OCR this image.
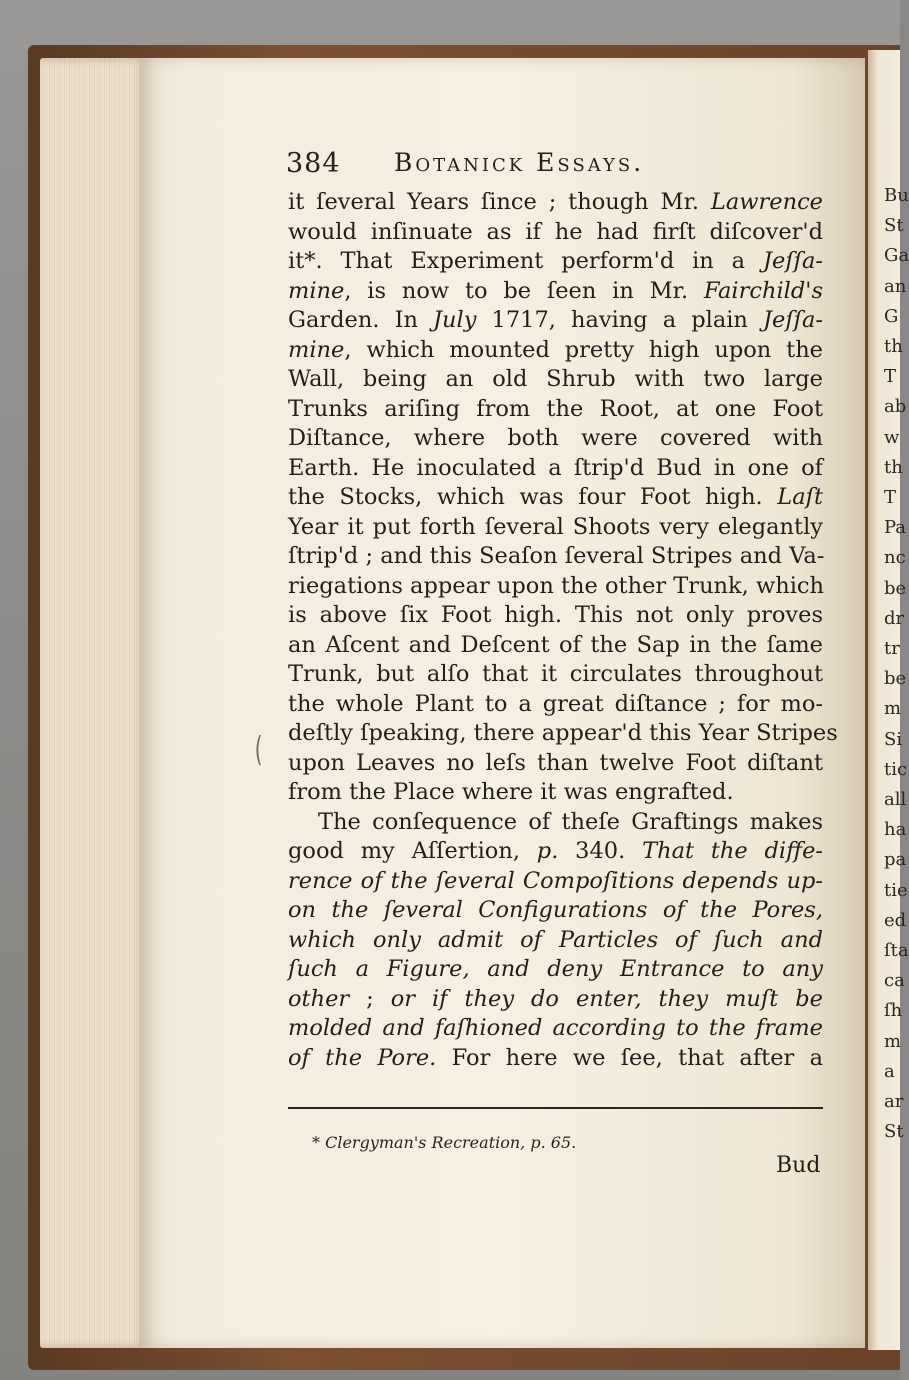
Bu
St
Ga
an
G
th
T
ab
w
th
T
Pa
nc
be
dr
tr
be
m
Si
tic
all
ha
pa
tie
ed
ſta
ca
ſh
m
a
ar
St
384 Botanick Essays.
it ſeveral Years ſince ; though Mr. Lawrence
would inſinuate as if he had firſt diſcover'd
it*. That Experiment perform'd in a Jeſſa-
mine, is now to be ſeen in Mr. Fairchild's
Garden. In July 1717, having a plain Jeſſa-
mine, which mounted pretty high upon the
Wall, being an old Shrub with two large
Trunks ariſing from the Root, at one Foot
Diſtance, where both were covered with
Earth. He inoculated a ſtrip'd Bud in one of
the Stocks, which was four Foot high. Laſt
Year it put forth ſeveral Shoots very elegantly
ſtrip'd ; and this Seaſon ſeveral Stripes and Va-
riegations appear upon the other Trunk, which
is above ſix Foot high. This not only proves
an Aſcent and Deſcent of the Sap in the ſame
Trunk, but alſo that it circulates throughout
the whole Plant to a great diſtance ; for mo-
deſtly ſpeaking, there appear'd this Year Stripes
upon Leaves no leſs than twelve Foot diſtant
from the Place where it was engrafted.
The conſequence of theſe Graftings makes
good my Aſſertion, p. 340. That the diffe-
rence of the ſeveral Compoſitions depends up-
on the ſeveral Configurations of the Pores,
which only admit of Particles of ſuch and
ſuch a Figure, and deny Entrance to any
other ; or if they do enter, they muſt be
molded and faſhioned according to the frame
of the Pore. For here we ſee, that after a
(
* Clergyman's Recreation, p. 65.
Bud
